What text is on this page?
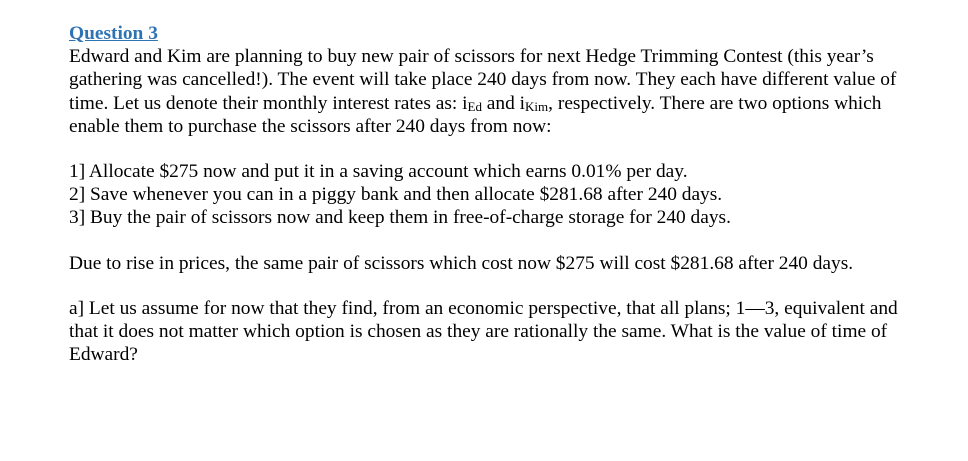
Question 3

Edward and Kim are planning to buy new pair of scissors for next Hedge Trimming Contest (this year’s gathering was cancelled!). The event will take place 240 days from now. They each have different value of time. Let us denote their monthly interest rates as: iEd and iKim, respectively. There are two options which enable them to purchase the scissors after 240 days from now:

1] Allocate $275 now and put it in a saving account which earns 0.01% per day.
2] Save whenever you can in a piggy bank and then allocate $281.68 after 240 days.
3] Buy the pair of scissors now and keep them in free-of-charge storage for 240 days.

Due to rise in prices, the same pair of scissors which cost now $275 will cost $281.68 after 240 days.

a] Let us assume for now that they find, from an economic perspective, that all plans; 1—3, equivalent and that it does not matter which option is chosen as they are rationally the same. What is the value of time of Edward?
